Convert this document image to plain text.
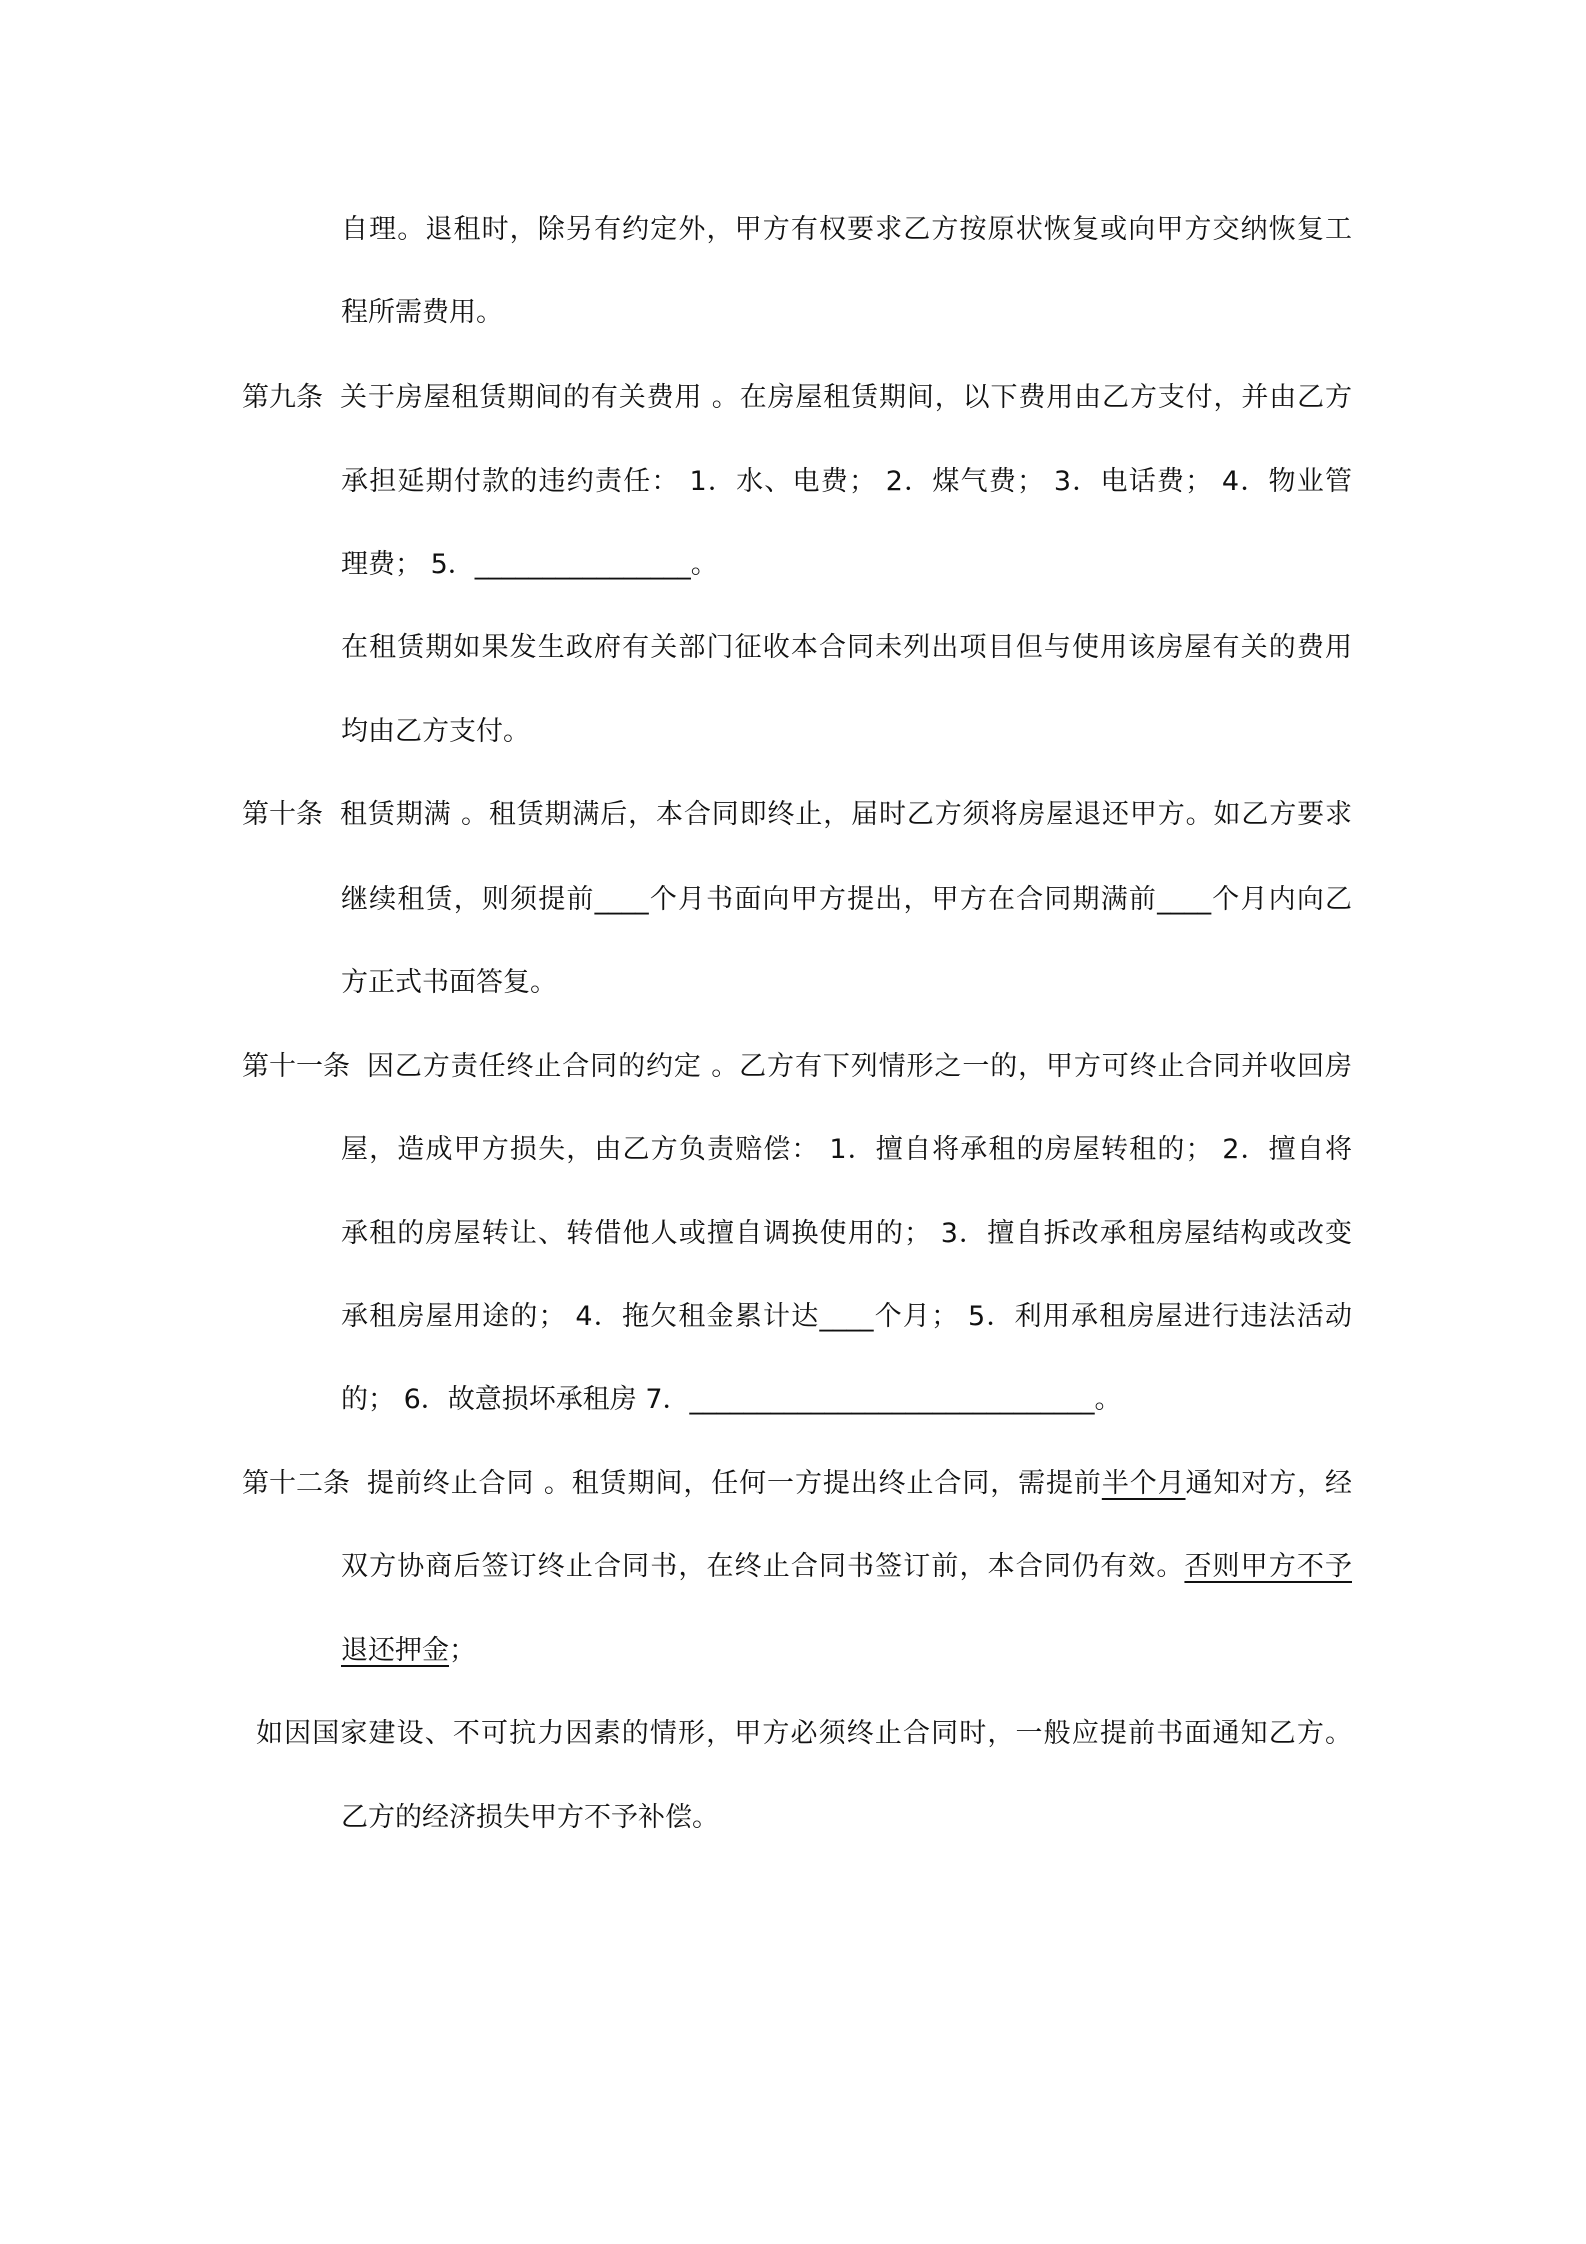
自理。退租时，除另有约定外，甲方有权要求乙方按原状恢复或向甲方交纳恢复工
程所需费用。
第九条 关于房屋租赁期间的有关费用 。在房屋租赁期间，以下费用由乙方支付，并由乙方
承担延期付款的违约责任： 1．水、电费； 2．煤气费； 3．电话费； 4．物业管
理费； 5．________________。
在租赁期如果发生政府有关部门征收本合同未列出项目但与使用该房屋有关的费用
均由乙方支付。
第十条 租赁期满 。租赁期满后，本合同即终止，届时乙方须将房屋退还甲方。如乙方要求
继续租赁，则须提前____个月书面向甲方提出，甲方在合同期满前____个月内向乙
方正式书面答复。
第十一条 因乙方责任终止合同的约定 。乙方有下列情形之一的，甲方可终止合同并收回房
屋，造成甲方损失，由乙方负责赔偿： 1．擅自将承租的房屋转租的； 2．擅自将
承租的房屋转让、转借他人或擅自调换使用的； 3．擅自拆改承租房屋结构或改变
承租房屋用途的； 4．拖欠租金累计达____个月； 5．利用承租房屋进行违法活动
的； 6．故意损坏承租房 7．______________________________。
第十二条 提前终止合同 。租赁期间，任何一方提出终止合同，需提前半个月通知对方，经
双方协商后签订终止合同书，在终止合同书签订前，本合同仍有效。否则甲方不予
退还押金；
如因国家建设、不可抗力因素的情形，甲方必须终止合同时，一般应提前书面通知乙方。
乙方的经济损失甲方不予补偿。
